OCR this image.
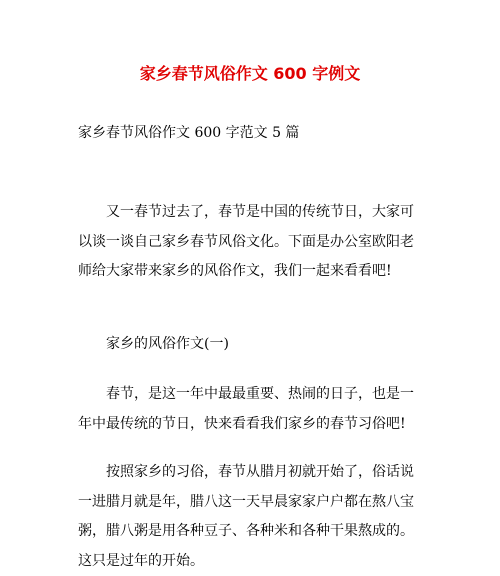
家乡春节风俗作文 600 字例文
家乡春节风俗作文 600 字范文 5 篇

又一春节过去了，春节是中国的传统节日，大家可以谈一谈自己家乡春节风俗文化。下面是办公室欧阳老师给大家带来家乡的风俗作文，我们一起来看看吧!

家乡的风俗作文(一)

春节，是这一年中最最重要、热闹的日子，也是一年中最传统的节日，快来看看我们家乡的春节习俗吧!

按照家乡的习俗，春节从腊月初就开始了，俗话说一进腊月就是年，腊八这一天早晨家家户户都在熬八宝粥，腊八粥是用各种豆子、各种米和各种干果熬成的。这只是过年的开始。
